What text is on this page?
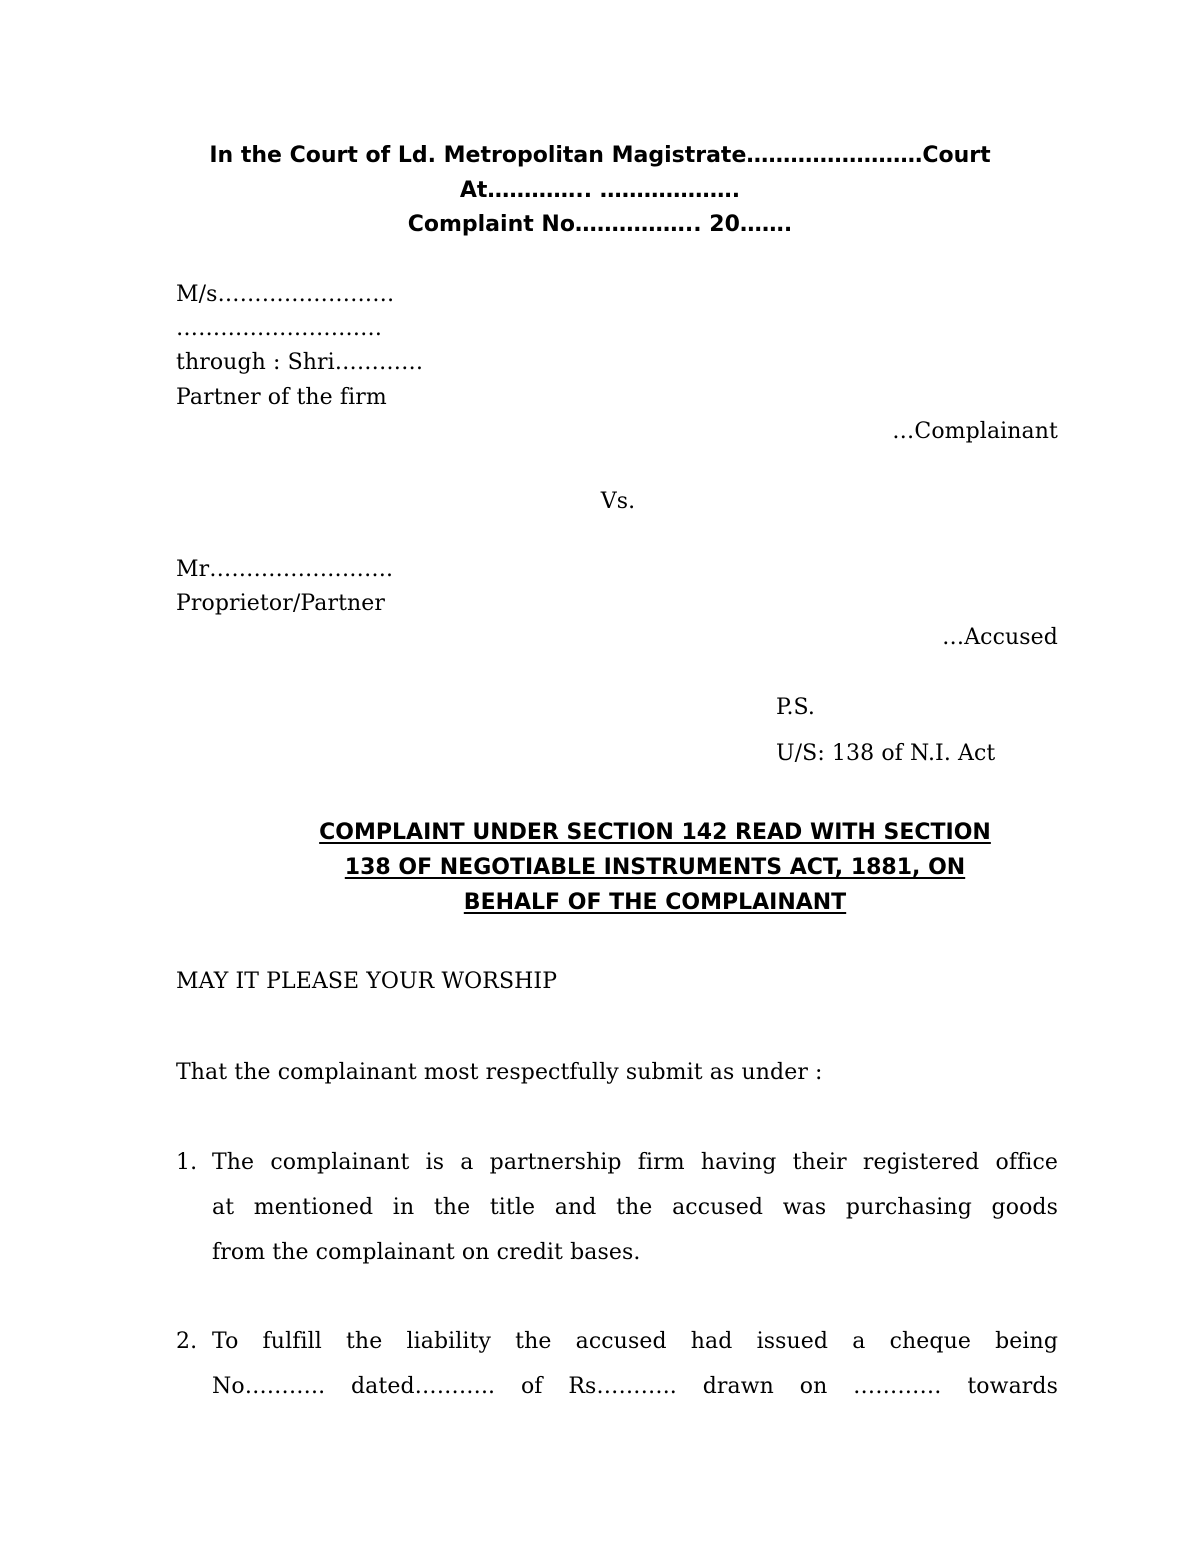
In the Court of Ld. Metropolitan Magistrate……………………Court
At………….. ……………….
Complaint No…………….. 20…….
M/s……………………
……………………….
through : Shri…………
Partner of the firm
…Complainant
Vs.
Mr…………………….
Proprietor/Partner
…Accused
P.S.
U/S: 138 of N.I. Act
COMPLAINT UNDER SECTION 142 READ WITH SECTION
138 OF NEGOTIABLE INSTRUMENTS ACT, 1881, ON
BEHALF OF THE COMPLAINANT
MAY IT PLEASE YOUR WORSHIP
That the complainant most respectfully submit as under :
1. The complainant is a partnership firm having their registered office
at mentioned in the title and the accused was purchasing goods
from the complainant on credit bases.
2. To fulfill the liability the accused had issued a cheque being
No……….. dated……….. of Rs……….. drawn on ………… towards
